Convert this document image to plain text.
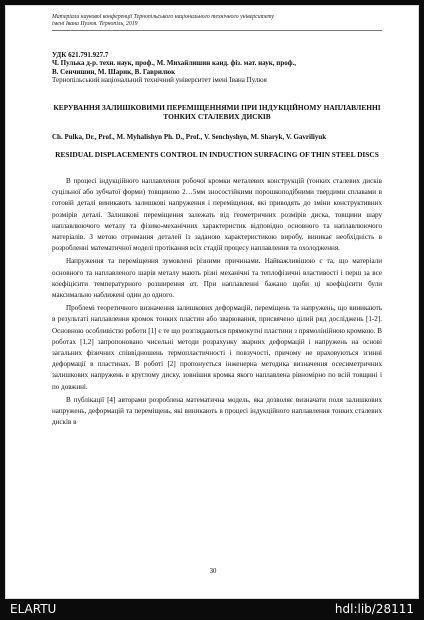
Матеріали наукової конференції Тернопільського національного технічного університету
імені Івана Пулюя. Тернопіль, 2019
УДК 621.791.927.7
Ч. Пулька д-р. техн. наук, проф., М. Михайлишин канд. фіз. мат. наук, проф.,
В. Сенчишин, М. Шарик, В. Гаврилюк
Тернопільський національний технічний університет імені Івана Пулюя
КЕРУВАННЯ ЗАЛИШКОВИМИ ПЕРЕМІЩЕННЯМИ ПРИ ІНДУКЦІЙНОМУ НАПЛАВЛЕННІ ТОНКИХ СТАЛЕВИХ ДИСКІВ
Ch. Pulka, Dr., Prof., M. Myhalishyn Ph. D., Prof., V. Senchyshyn, M. Sharyk, V. Gavriliyuk
RESIDUAL DISPLACEMENTS CONTROL IN INDUCTION SURFACING OF THIN STEEL DISCS

В процесі індукційного наплавлення робочої кромки металевих конструкцій (тонких сталевих дисків суцільної або зубчатої форми) товщиною 2…5мм зносостійкими порошкоподібними твердими сплавами в готовій деталі виникають залишкові напруження і переміщення, які приводять до зміни конструктивних розмірів деталі. Залишкові переміщення залежать від геометричних розмірів диска, товщини шару наплавлюючого металу та фізико-механічних характеристик відповідно основного та наплавлюючого матеріалів. З метою отримання деталей із заданою характеристикою виробу, виникає необхідність в розробленні математичної моделі протікання всіх стадій процесу наплавлення та охолодження.

Напруження та переміщення зумовлені різними причинами. Найважливішою є та, що матеріали основного та наплавленого шарів металу мають різні механічні та теплофізичні властивості і перш за все коефіцієнти температурного розширення αт. При наплавленні бажано щоби ці коефіцієнти були максимально наближені один до одного.

Проблемі теоретичного визначення залишкових деформацій, переміщень та напружень, що виникають в результаті наплавлення кромок тонких пластин або зварювання, присвячено цілий ряд досліджень [1-2]. Основною особливістю роботи [1] є те що розглядаються прямокутні пластини з прямолінійною кромкою. В роботах [1,2] запропоновано чисельні методи розрахунку зварних деформацій і напружень на основі загальних фізичних співвідношень термопластичності і повзучості, причому не враховуються згинні деформації в пластинах. В роботі [2] пропонується інженерна методика визначення осесиметричних залишкових напружень в круглому диску, зовнішня кромка якого наплавлена рівномірно по всій товщині і по довжині.

В публікації [4] авторами розроблена математична модель, яка дозволяє визначати поля залишкових напружень, деформацій та переміщень, які виникають в процесі індукційного наплавлення тонких сталевих дисків в

30
ELARTU	hdl:lib/28111
